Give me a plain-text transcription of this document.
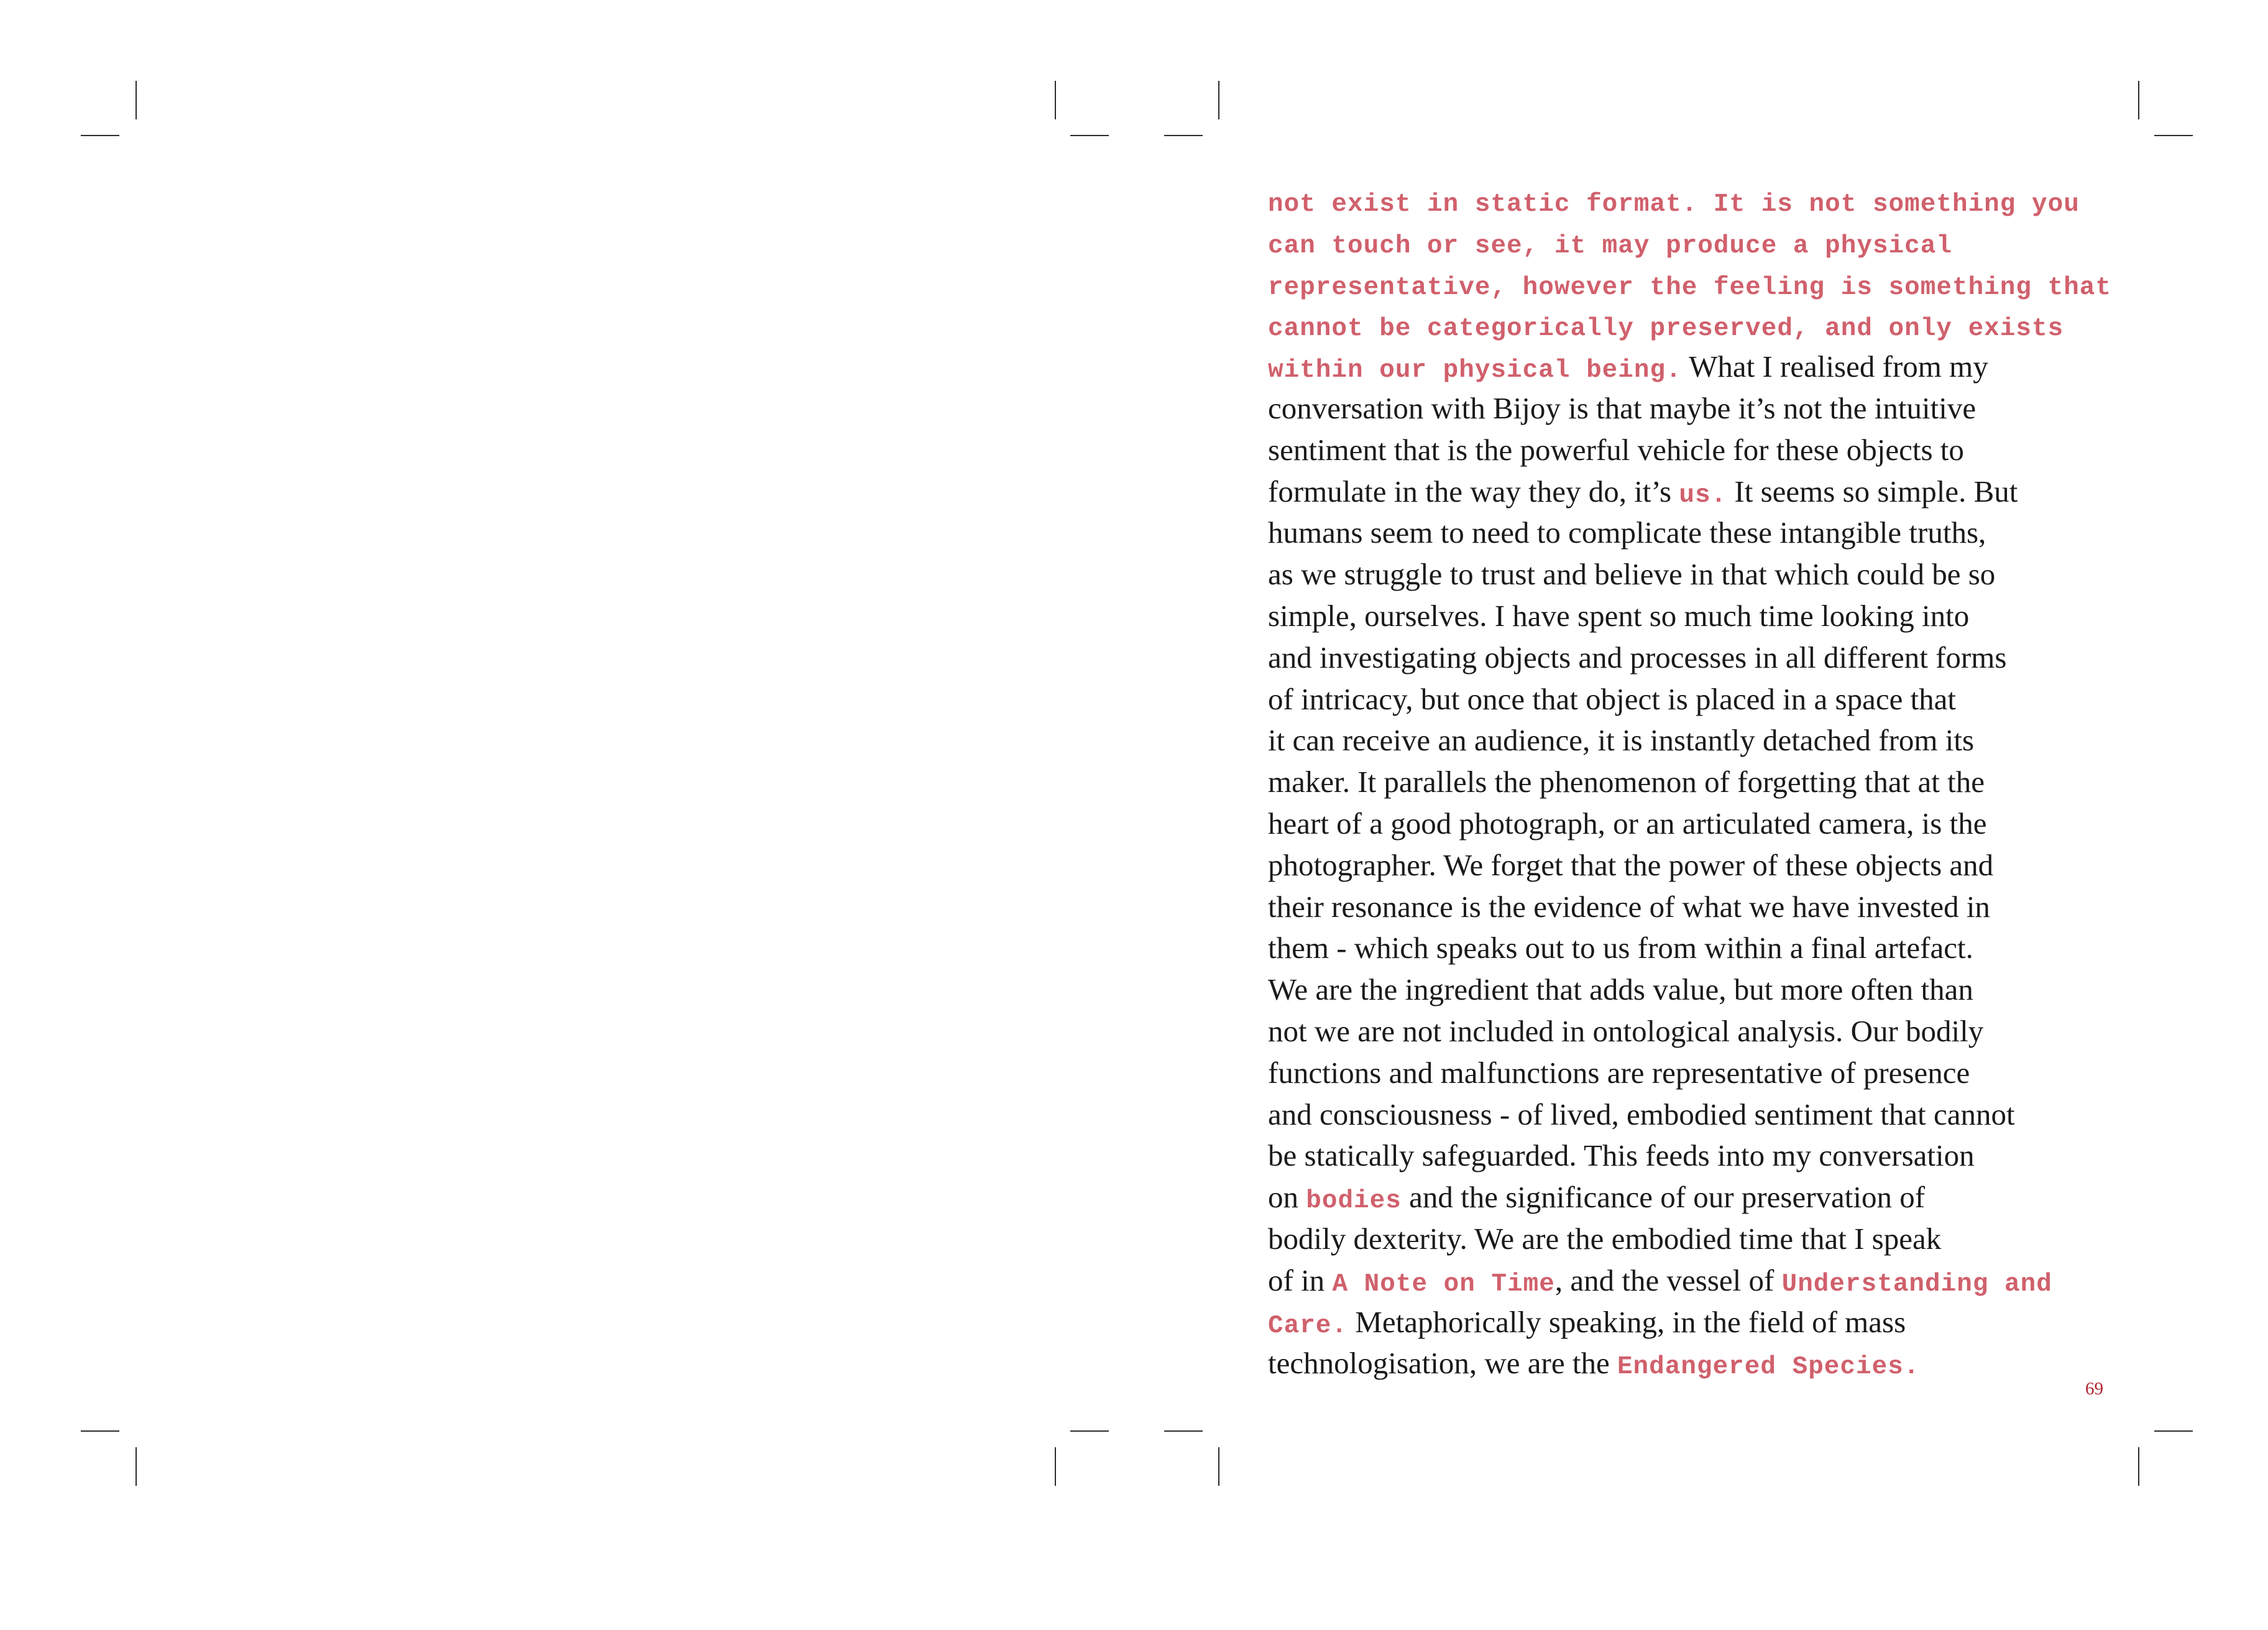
not exist in static format. It is not something you
can touch or see, it may produce a physical
representative, however the feeling is something that
cannot be categorically preserved, and only exists
within our physical being. What I realised from my
conversation with Bijoy is that maybe it’s not the intuitive
sentiment that is the powerful vehicle for these objects to
formulate in the way they do, it’s us. It seems so simple. But
humans seem to need to complicate these intangible truths,
as we struggle to trust and believe in that which could be so
simple, ourselves. I have spent so much time looking into
and investigating objects and processes in all different forms
of intricacy, but once that object is placed in a space that
it can receive an audience, it is instantly detached from its
maker. It parallels the phenomenon of forgetting that at the
heart of a good photograph, or an articulated camera, is the
photographer. We forget that the power of these objects and
their resonance is the evidence of what we have invested in
them - which speaks out to us from within a final artefact.
We are the ingredient that adds value, but more often than
not we are not included in ontological analysis. Our bodily
functions and malfunctions are representative of presence
and consciousness - of lived, embodied sentiment that cannot
be statically safeguarded. This feeds into my conversation
on bodies and the significance of our preservation of
bodily dexterity. We are the embodied time that I speak
of in A Note on Time, and the vessel of Understanding and
Care. Metaphorically speaking, in the field of mass
technologisation, we are the Endangered Species.
69
